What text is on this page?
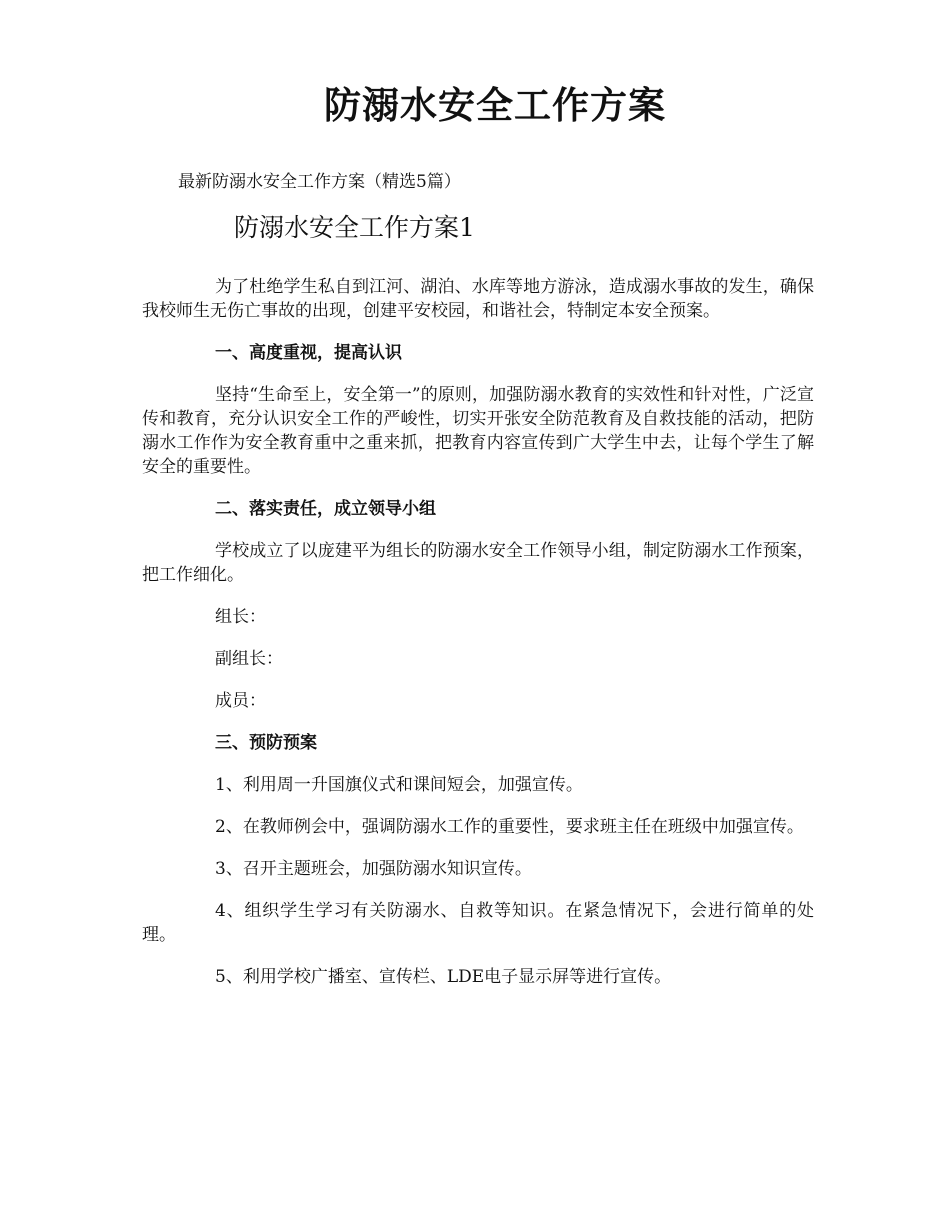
防溺水安全工作方案

最新防溺水安全工作方案（精选5篇）

防溺水安全工作方案1

为了杜绝学生私自到江河、湖泊、水库等地方游泳，造成溺水事故的发生，确保我校师生无伤亡事故的出现，创建平安校园，和谐社会，特制定本安全预案。

一、高度重视，提高认识

坚持“生命至上，安全第一”的原则，加强防溺水教育的实效性和针对性，广泛宣传和教育，充分认识安全工作的严峻性，切实开张安全防范教育及自救技能的活动，把防溺水工作作为安全教育重中之重来抓，把教育内容宣传到广大学生中去，让每个学生了解安全的重要性。

二、落实责任，成立领导小组

学校成立了以庞建平为组长的防溺水安全工作领导小组，制定防溺水工作预案，把工作细化。

组长：

副组长：

成员：

三、预防预案

1、利用周一升国旗仪式和课间短会，加强宣传。

2、在教师例会中，强调防溺水工作的重要性，要求班主任在班级中加强宣传。

3、召开主题班会，加强防溺水知识宣传。

4、组织学生学习有关防溺水、自救等知识。在紧急情况下，会进行简单的处理。

5、利用学校广播室、宣传栏、LDE电子显示屏等进行宣传。
